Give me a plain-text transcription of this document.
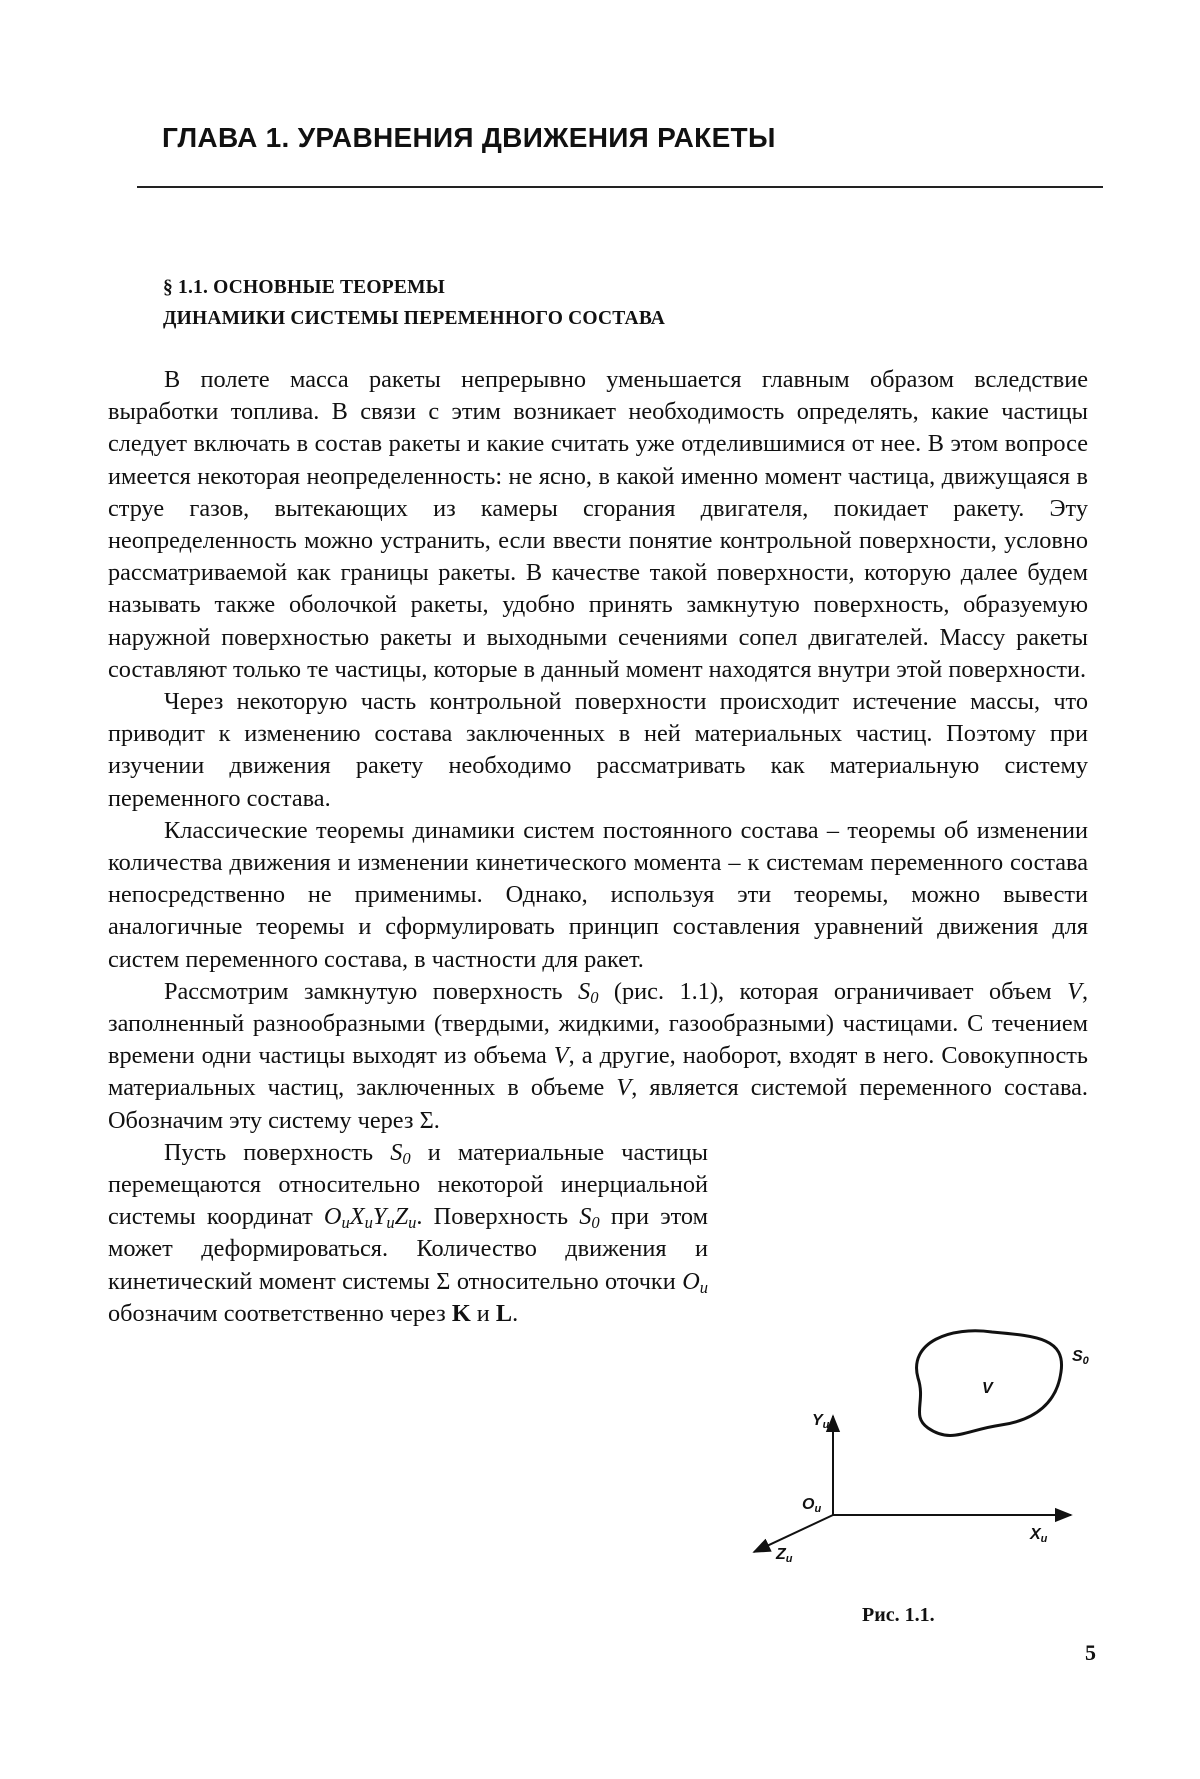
ГЛАВА 1. УРАВНЕНИЯ ДВИЖЕНИЯ РАКЕТЫ
§ 1.1. ОСНОВНЫЕ ТЕОРЕМЫ
ДИНАМИКИ СИСТЕМЫ ПЕРЕМЕННОГО СОСТАВА

В полете масса ракеты непрерывно уменьшается главным образом вследствие выработки топлива. В связи с этим возникает необходимость определять, какие частицы следует включать в состав ракеты и какие считать уже отделившимися от нее. В этом вопросе имеется некоторая неопределенность: не ясно, в какой именно момент частица, движущаяся в струе газов, вытекающих из камеры сгорания двигателя, покидает ракету. Эту неопределенность можно устранить, если ввести понятие контрольной поверхности, условно рассматриваемой как границы ракеты. В качестве такой поверхности, которую далее будем называть также оболочкой ракеты, удобно принять замкнутую поверхность, образуемую наружной поверхностью ракеты и выходными сечениями сопел двигателей. Массу ракеты составляют только те частицы, которые в данный момент находятся внутри этой поверхности.

Через некоторую часть контрольной поверхности происходит истечение массы, что приводит к изменению состава заключенных в ней материальных частиц. Поэтому при изучении движения ракету необходимо рассматривать как материальную систему переменного состава.

Классические теоремы динамики систем постоянного состава – теоремы об изменении количества движения и изменении кинетического момента – к системам переменного состава непосредственно не применимы. Однако, используя эти теоремы, можно вывести аналогичные теоремы и сформулировать принцип составления уравнений движения для систем переменного состава, в частности для ракет.

Рассмотрим замкнутую поверхность $S_0$ (рис. 1.1), которая ограничивает объем V, заполненный разнообразными (твердыми, жидкими, газообразными) частицами. С течением времени одни частицы выходят из объема V, а другие, наоборот, входят в него. Совокупность материальных частиц, заключенных в объеме V, является системой переменного состава. Обозначим эту систему через Σ.

Пусть поверхность $S_0$ и материальные частицы перемещаются относительно некоторой инерциальной системы координат $O_иX_иY_иZ_и$. Поверхность $S_0$ при этом может деформироваться. Количество движения и кинетический момент системы Σ относительно оточки $O_и$ обозначим соответственно через K и L.

V
$S_0$
$Y_и$
$O_и$
$X_и$
$Z_и$
Рис. 1.1.
5
